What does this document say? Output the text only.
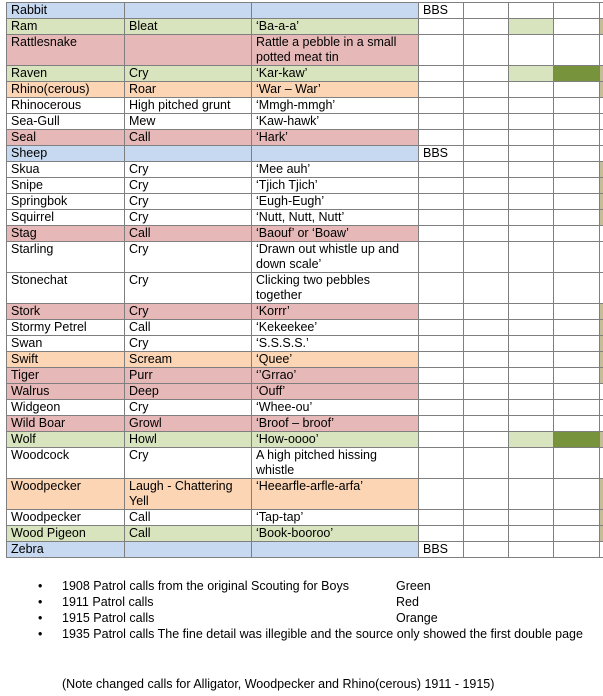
Rabbit			BBS				
Ram	Bleat	‘Ba-a-a’					
Rattlesnake		Rattle a pebble in a small potted meat tin					
Raven	Cry	‘Kar-kaw’					
Rhino(cerous)	Roar	‘War – War’					
Rhinocerous	High pitched grunt	‘Mmgh-mmgh’					
Sea-Gull	Mew	‘Kaw-hawk’					
Seal	Call	‘Hark’					
Sheep			BBS				
Skua	Cry	‘Mee auh’					
Snipe	Cry	‘Tjich Tjich’					
Springbok	Cry	‘Eugh-Eugh’					
Squirrel	Cry	‘Nutt, Nutt, Nutt’					
Stag	Call	‘Baouf’ or ‘Boaw’					
Starling	Cry	‘Drawn out whistle up and down scale’					
Stonechat	Cry	Clicking two pebbles together					
Stork	Cry	‘Korrr’					
Stormy Petrel	Call	‘Kekeekee’					
Swan	Cry	‘S.S.S.S.’					
Swift	Scream	‘Quee’					
Tiger	Purr	‘’Grrao’					
Walrus	Deep	‘Ouff’					
Widgeon	Cry	‘Whee-ou’					
Wild Boar	Growl	‘Broof – broof’					
Wolf	Howl	‘How-oooo’					
Woodcock	Cry	A high pitched hissing whistle					
Woodpecker	Laugh - Chattering Yell	‘Heearfle-arfle-arfa’					
Woodpecker	Call	‘Tap-tap’					
Wood Pigeon	Call	‘Book-booroo’					
Zebra			BBS				
• 1908 Patrol calls from the original Scouting for Boys	Green
• 1911 Patrol calls	Red
• 1915 Patrol calls	Orange
• 1935 Patrol calls The fine detail was illegible and the source only showed the first double page
(Note changed calls for Alligator, Woodpecker and Rhino(cerous) 1911 - 1915)
